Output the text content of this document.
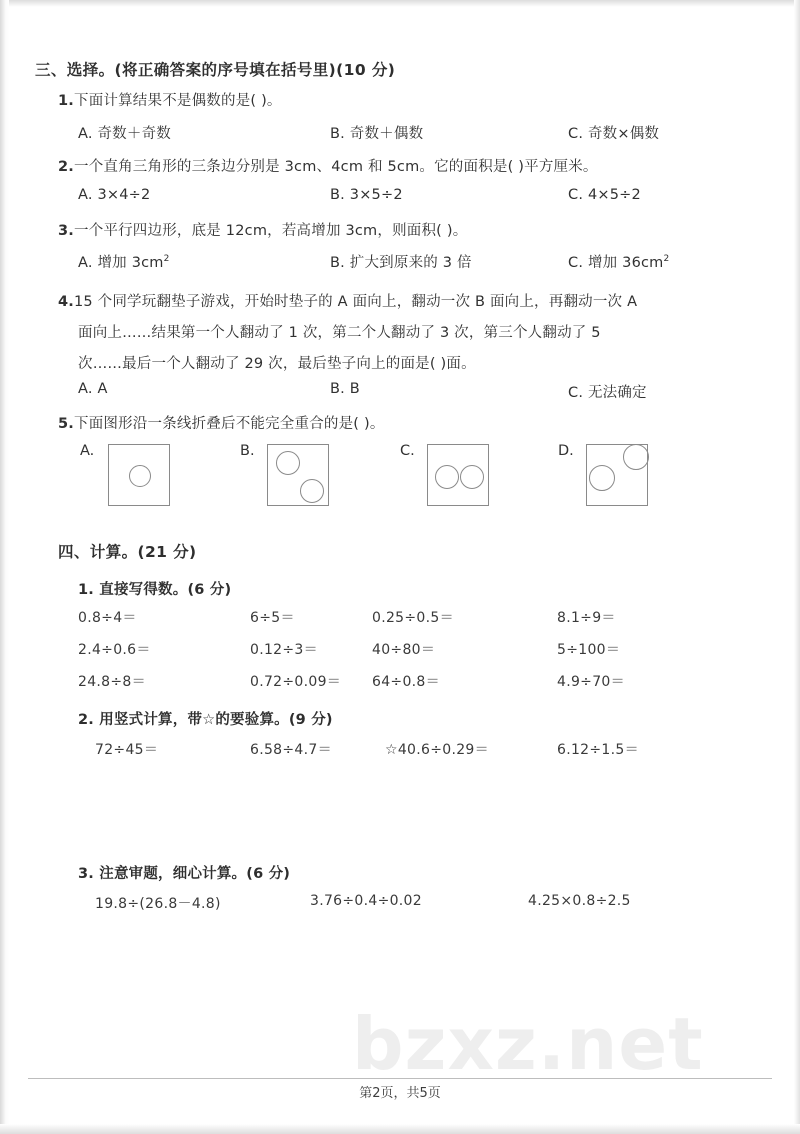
bzxz.net
三、选择。(将正确答案的序号填在括号里)(10 分)
1.下面计算结果不是偶数的是( )。
A. 奇数＋奇数	B. 奇数＋偶数	C. 奇数×偶数
2.一个直角三角形的三条边分别是 3cm、4cm 和 5cm。它的面积是( )平方厘米。
A. 3×4÷2	B. 3×5÷2	C. 4×5÷2
3.一个平行四边形，底是 12cm，若高增加 3cm，则面积( )。
A. 增加 $3cm^2$	B. 扩大到原来的 3 倍	C. 增加 $36cm^2$
4.15 个同学玩翻垫子游戏，开始时垫子的 A 面向上，翻动一次 B 面向上，再翻动一次 A
面向上……结果第一个人翻动了 1 次，第二个人翻动了 3 次，第三个人翻动了 5
次……最后一个人翻动了 29 次，最后垫子向上的面是( )面。
A. A	B. B	C. 无法确定
5.下面图形沿一条线折叠后不能完全重合的是( )。
A.	B.	C.	D.
四、计算。(21 分)
1. 直接写得数。(6 分)
0.8÷4＝	6÷5＝	0.25÷0.5＝	8.1÷9＝
2.4÷0.6＝	0.12÷3＝	40÷80＝	5÷100＝
24.8÷8＝	0.72÷0.09＝ 64÷0.8＝	4.9÷70＝
2. 用竖式计算，带☆的要验算。(9 分)
72÷45＝	6.58÷4.7＝	☆40.6÷0.29＝	6.12÷1.5＝
3. 注意审题，细心计算。(6 分)
19.8÷(26.8－4.8)	3.76÷0.4÷0.02	4.25×0.8÷2.5
第2页，共5页
